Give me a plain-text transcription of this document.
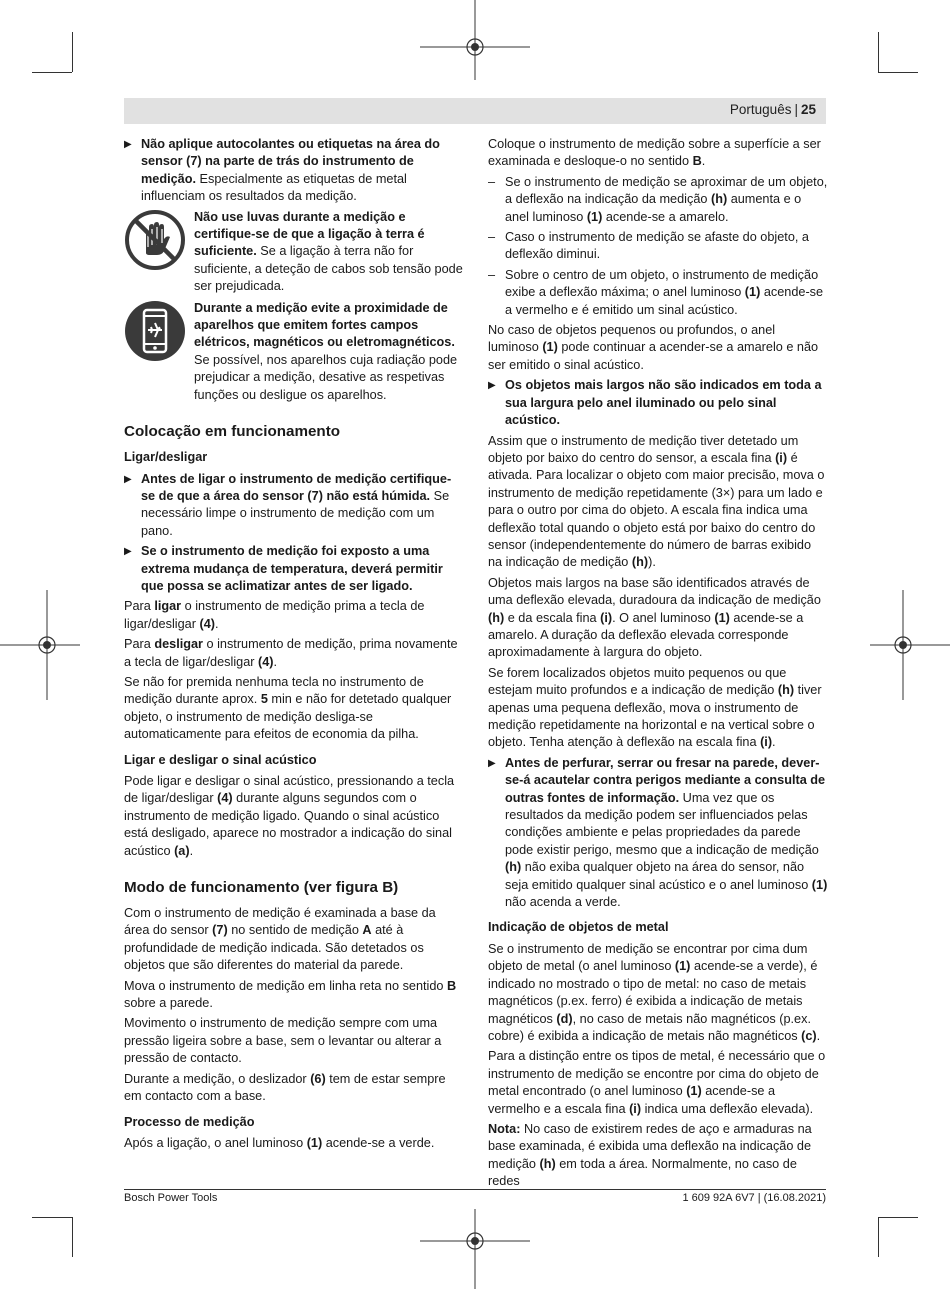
Português | 25
▶ Não aplique autocolantes ou etiquetas na área do sensor (7) na parte de trás do instrumento de medição. Especialmente as etiquetas de metal influenciam os resultados da medição.
Não use luvas durante a medição e certifique-se de que a ligação à terra é suficiente. Se a ligação à terra não for suficiente, a deteção de cabos sob tensão pode ser prejudicada.
Durante a medição evite a proximidade de aparelhos que emitem fortes campos elétricos, magnéticos ou eletromagnéticos. Se possível, nos aparelhos cuja radiação pode prejudicar a medição, desative as respetivas funções ou desligue os aparelhos.
Colocação em funcionamento
Ligar/desligar
▶ Antes de ligar o instrumento de medição certifique-se de que a área do sensor (7) não está húmida. Se necessário limpe o instrumento de medição com um pano.
▶ Se o instrumento de medição foi exposto a uma extrema mudança de temperatura, deverá permitir que possa se aclimatizar antes de ser ligado.

Para ligar o instrumento de medição prima a tecla de ligar/desligar (4).

Para desligar o instrumento de medição, prima novamente a tecla de ligar/desligar (4).

Se não for premida nenhuma tecla no instrumento de medição durante aprox. 5 min e não for detetado qualquer objeto, o instrumento de medição desliga-se automaticamente para efeitos de economia da pilha.

Ligar e desligar o sinal acústico

Pode ligar e desligar o sinal acústico, pressionando a tecla de ligar/desligar (4) durante alguns segundos com o instrumento de medição ligado. Quando o sinal acústico está desligado, aparece no mostrador a indicação do sinal acústico (a).

Modo de funcionamento (ver figura B)

Com o instrumento de medição é examinada a base da área do sensor (7) no sentido de medição A até à profundidade de medição indicada. São detetados os objetos que são diferentes do material da parede.

Mova o instrumento de medição em linha reta no sentido B sobre a parede.

Movimento o instrumento de medição sempre com uma pressão ligeira sobre a base, sem o levantar ou alterar a pressão de contacto.

Durante a medição, o deslizador (6) tem de estar sempre em contacto com a base.

Processo de medição

Após a ligação, o anel luminoso (1) acende-se a verde.

Coloque o instrumento de medição sobre a superfície a ser examinada e desloque-o no sentido B.

– Se o instrumento de medição se aproximar de um objeto, a deflexão na indicação da medição (h) aumenta e o anel luminoso (1) acende-se a amarelo.
– Caso o instrumento de medição se afaste do objeto, a deflexão diminui.
– Sobre o centro de um objeto, o instrumento de medição exibe a deflexão máxima; o anel luminoso (1) acende-se a vermelho e é emitido um sinal acústico.

No caso de objetos pequenos ou profundos, o anel luminoso (1) pode continuar a acender-se a amarelo e não ser emitido o sinal acústico.

▶ Os objetos mais largos não são indicados em toda a sua largura pelo anel iluminado ou pelo sinal acústico.

Assim que o instrumento de medição tiver detetado um objeto por baixo do centro do sensor, a escala fina (i) é ativada. Para localizar o objeto com maior precisão, mova o instrumento de medição repetidamente (3×) para um lado e para o outro por cima do objeto. A escala fina indica uma deflexão total quando o objeto está por baixo do centro do sensor (independentemente do número de barras exibido na indicação de medição (h)).

Objetos mais largos na base são identificados através de uma deflexão elevada, duradoura da indicação de medição (h) e da escala fina (i). O anel luminoso (1) acende-se a amarelo. A duração da deflexão elevada corresponde aproximadamente à largura do objeto.

Se forem localizados objetos muito pequenos ou que estejam muito profundos e a indicação de medição (h) tiver apenas uma pequena deflexão, mova o instrumento de medição repetidamente na horizontal e na vertical sobre o objeto. Tenha atenção à deflexão na escala fina (i).

▶ Antes de perfurar, serrar ou fresar na parede, dever-se-á acautelar contra perigos mediante a consulta de outras fontes de informação. Uma vez que os resultados da medição podem ser influenciados pelas condições ambiente e pelas propriedades da parede pode existir perigo, mesmo que a indicação de medição (h) não exiba qualquer objeto na área do sensor, não seja emitido qualquer sinal acústico e o anel luminoso (1) não acenda a verde.
Indicação de objetos de metal

Se o instrumento de medição se encontrar por cima dum objeto de metal (o anel luminoso (1) acende-se a verde), é indicado no mostrado o tipo de metal: no caso de metais magnéticos (p.ex. ferro) é exibida a indicação de metais magnéticos (d), no caso de metais não magnéticos (p.ex. cobre) é exibida a indicação de metais não magnéticos (c).

Para a distinção entre os tipos de metal, é necessário que o instrumento de medição se encontre por cima do objeto de metal encontrado (o anel luminoso (1) acende-se a vermelho e a escala fina (i) indica uma deflexão elevada).

Nota: No caso de existirem redes de aço e armaduras na base examinada, é exibida uma deflexão na indicação de medição (h) em toda a área. Normalmente, no caso de redes

Bosch Power Tools	1 609 92A 6V7 | (16.08.2021)
